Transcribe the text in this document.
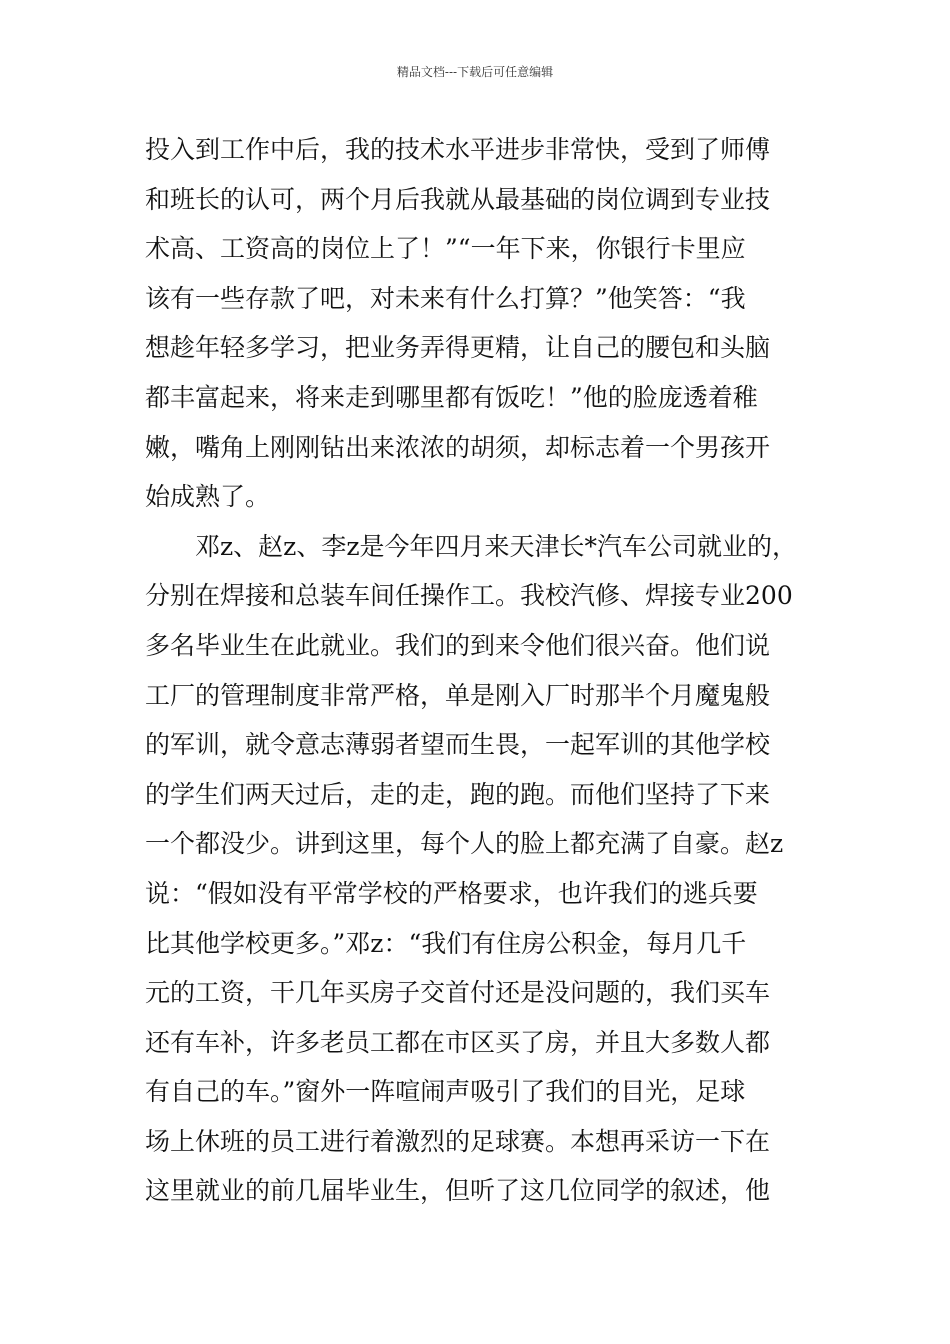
精品文档---下载后可任意编辑
投入到工作中后，我的技术水平进步非常快，受到了师傅
和班长的认可，两个月后我就从最基础的岗位调到专业技
术高、工资高的岗位上了！”“一年下来，你银行卡里应
该有一些存款了吧，对未来有什么打算？”他笑答：“我
想趁年轻多学习，把业务弄得更精，让自己的腰包和头脑
都丰富起来，将来走到哪里都有饭吃！”他的脸庞透着稚
嫩，嘴角上刚刚钻出来浓浓的胡须，却标志着一个男孩开
始成熟了。
邓z、赵z、李z是今年四月来天津长*汽车公司就业的，
分别在焊接和总装车间任操作工。我校汽修、焊接专业200
多名毕业生在此就业。我们的到来令他们很兴奋。他们说
工厂的管理制度非常严格，单是刚入厂时那半个月魔鬼般
的军训，就令意志薄弱者望而生畏，一起军训的其他学校
的学生们两天过后，走的走，跑的跑。而他们坚持了下来
一个都没少。讲到这里，每个人的脸上都充满了自豪。赵z
说：“假如没有平常学校的严格要求，也许我们的逃兵要
比其他学校更多。”邓z：“我们有住房公积金，每月几千
元的工资，干几年买房子交首付还是没问题的，我们买车
还有车补，许多老员工都在市区买了房，并且大多数人都
有自己的车。”窗外一阵喧闹声吸引了我们的目光，足球
场上休班的员工进行着激烈的足球赛。本想再采访一下在
这里就业的前几届毕业生，但听了这几位同学的叙述，他
